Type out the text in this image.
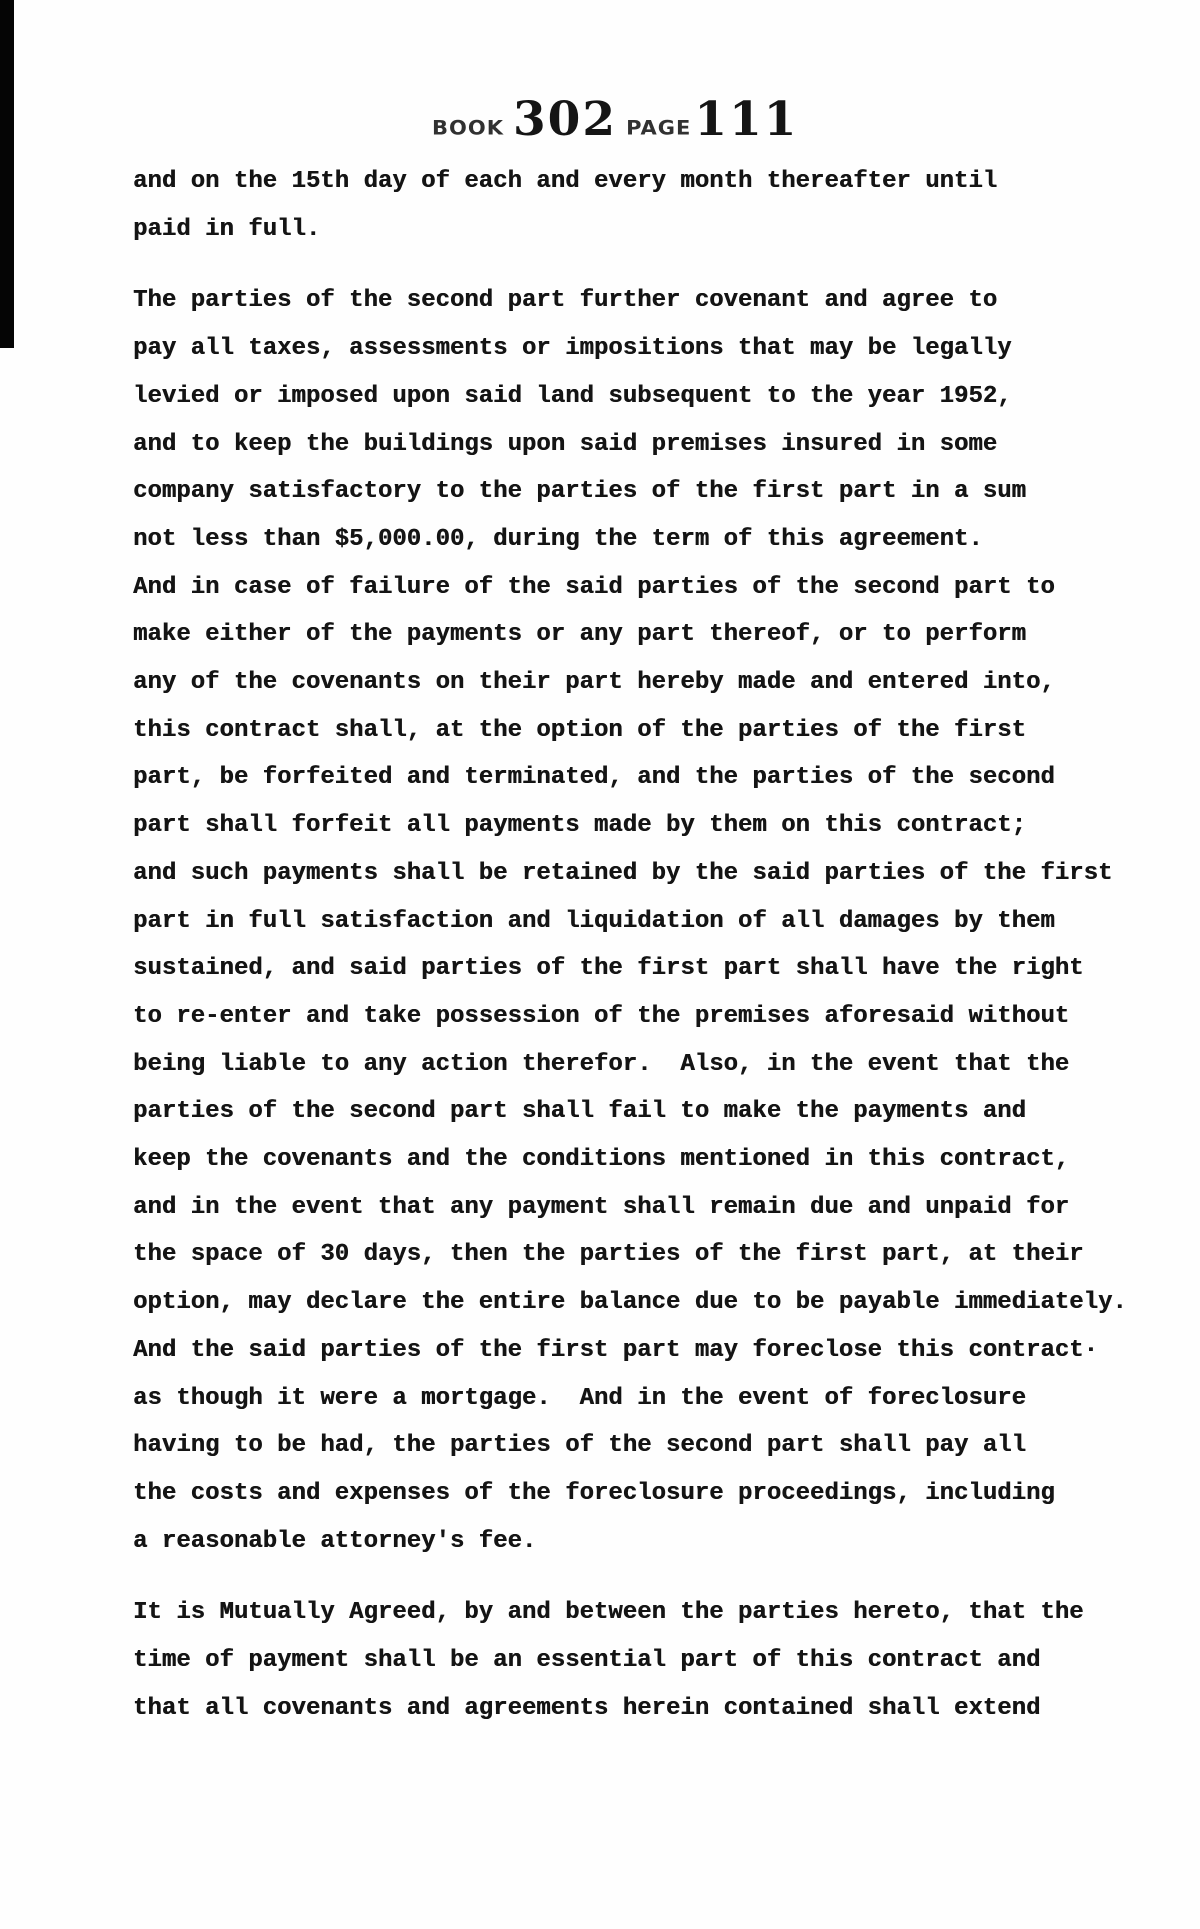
BOOK 302 PAGE 111
and on the 15th day of each and every month thereafter until
paid in full.
The parties of the second part further covenant and agree to
pay all taxes, assessments or impositions that may be legally
levied or imposed upon said land subsequent to the year 1952,
and to keep the buildings upon said premises insured in some
company satisfactory to the parties of the first part in a sum
not less than $5,000.00, during the term of this agreement.
And in case of failure of the said parties of the second part to
make either of the payments or any part thereof, or to perform
any of the covenants on their part hereby made and entered into,
this contract shall, at the option of the parties of the first
part, be forfeited and terminated, and the parties of the second
part shall forfeit all payments made by them on this contract;
and such payments shall be retained by the said parties of the first
part in full satisfaction and liquidation of all damages by them
sustained, and said parties of the first part shall have the right
to re-enter and take possession of the premises aforesaid without
being liable to any action therefor.  Also, in the event that the
parties of the second part shall fail to make the payments and
keep the covenants and the conditions mentioned in this contract,
and in the event that any payment shall remain due and unpaid for
the space of 30 days, then the parties of the first part, at their
option, may declare the entire balance due to be payable immediately.
And the said parties of the first part may foreclose this contract·
as though it were a mortgage.  And in the event of foreclosure
having to be had, the parties of the second part shall pay all
the costs and expenses of the foreclosure proceedings, including
a reasonable attorney's fee.
It is Mutually Agreed, by and between the parties hereto, that the
time of payment shall be an essential part of this contract and
that all covenants and agreements herein contained shall extend
